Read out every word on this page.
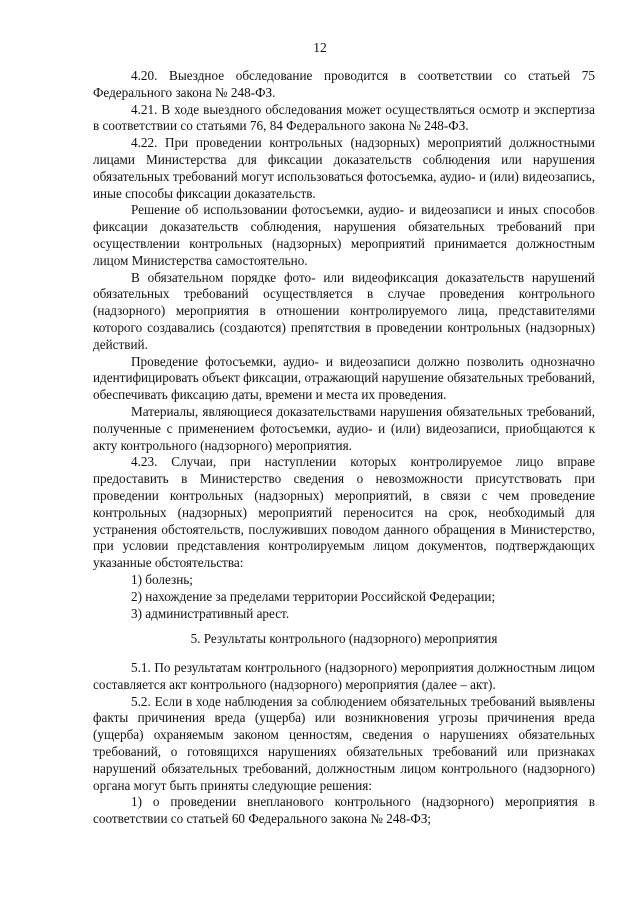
12

4.20. Выездное обследование проводится в соответствии со статьей 75 Федерального закона № 248-ФЗ.

4.21. В ходе выездного обследования может осуществляться осмотр и экспертиза в соответствии со статьями 76, 84 Федерального закона № 248-ФЗ.

4.22. При проведении контрольных (надзорных) мероприятий должностными лицами Министерства для фиксации доказательств соблюдения или нарушения обязательных требований могут использоваться фотосъемка, аудио- и (или) видеозапись, иные способы фиксации доказательств.

Решение об использовании фотосъемки, аудио- и видеозаписи и иных способов фиксации доказательств соблюдения, нарушения обязательных требований при осуществлении контрольных (надзорных) мероприятий принимается должностным лицом Министерства самостоятельно.

В обязательном порядке фото- или видеофиксация доказательств нарушений обязательных требований осуществляется в случае проведения контрольного (надзорного) мероприятия в отношении контролируемого лица, представителями которого создавались (создаются) препятствия в проведении контрольных (надзорных) действий.

Проведение фотосъемки, аудио- и видеозаписи должно позволить однозначно идентифицировать объект фиксации, отражающий нарушение обязательных требований, обеспечивать фиксацию даты, времени и места их проведения.

Материалы, являющиеся доказательствами нарушения обязательных требований, полученные с применением фотосъемки, аудио- и (или) видеозаписи, приобщаются к акту контрольного (надзорного) мероприятия.

4.23. Случаи, при наступлении которых контролируемое лицо вправе предоставить в Министерство сведения о невозможности присутствовать при проведении контрольных (надзорных) мероприятий, в связи с чем проведение контрольных (надзорных) мероприятий переносится на срок, необходимый для устранения обстоятельств, послуживших поводом данного обращения в Министерство, при условии представления контролируемым лицом документов, подтверждающих указанные обстоятельства:

1) болезнь;

2) нахождение за пределами территории Российской Федерации;

3) административный арест.

5. Результаты контрольного (надзорного) мероприятия

5.1. По результатам контрольного (надзорного) мероприятия должностным лицом составляется акт контрольного (надзорного) мероприятия (далее – акт).

5.2. Если в ходе наблюдения за соблюдением обязательных требований выявлены факты причинения вреда (ущерба) или возникновения угрозы причинения вреда (ущерба) охраняемым законом ценностям, сведения о нарушениях обязательных требований, о готовящихся нарушениях обязательных требований или признаках нарушений обязательных требований, должностным лицом контрольного (надзорного) органа могут быть приняты следующие решения:

1) о проведении внепланового контрольного (надзорного) мероприятия в соответствии со статьей 60 Федерального закона № 248-ФЗ;
